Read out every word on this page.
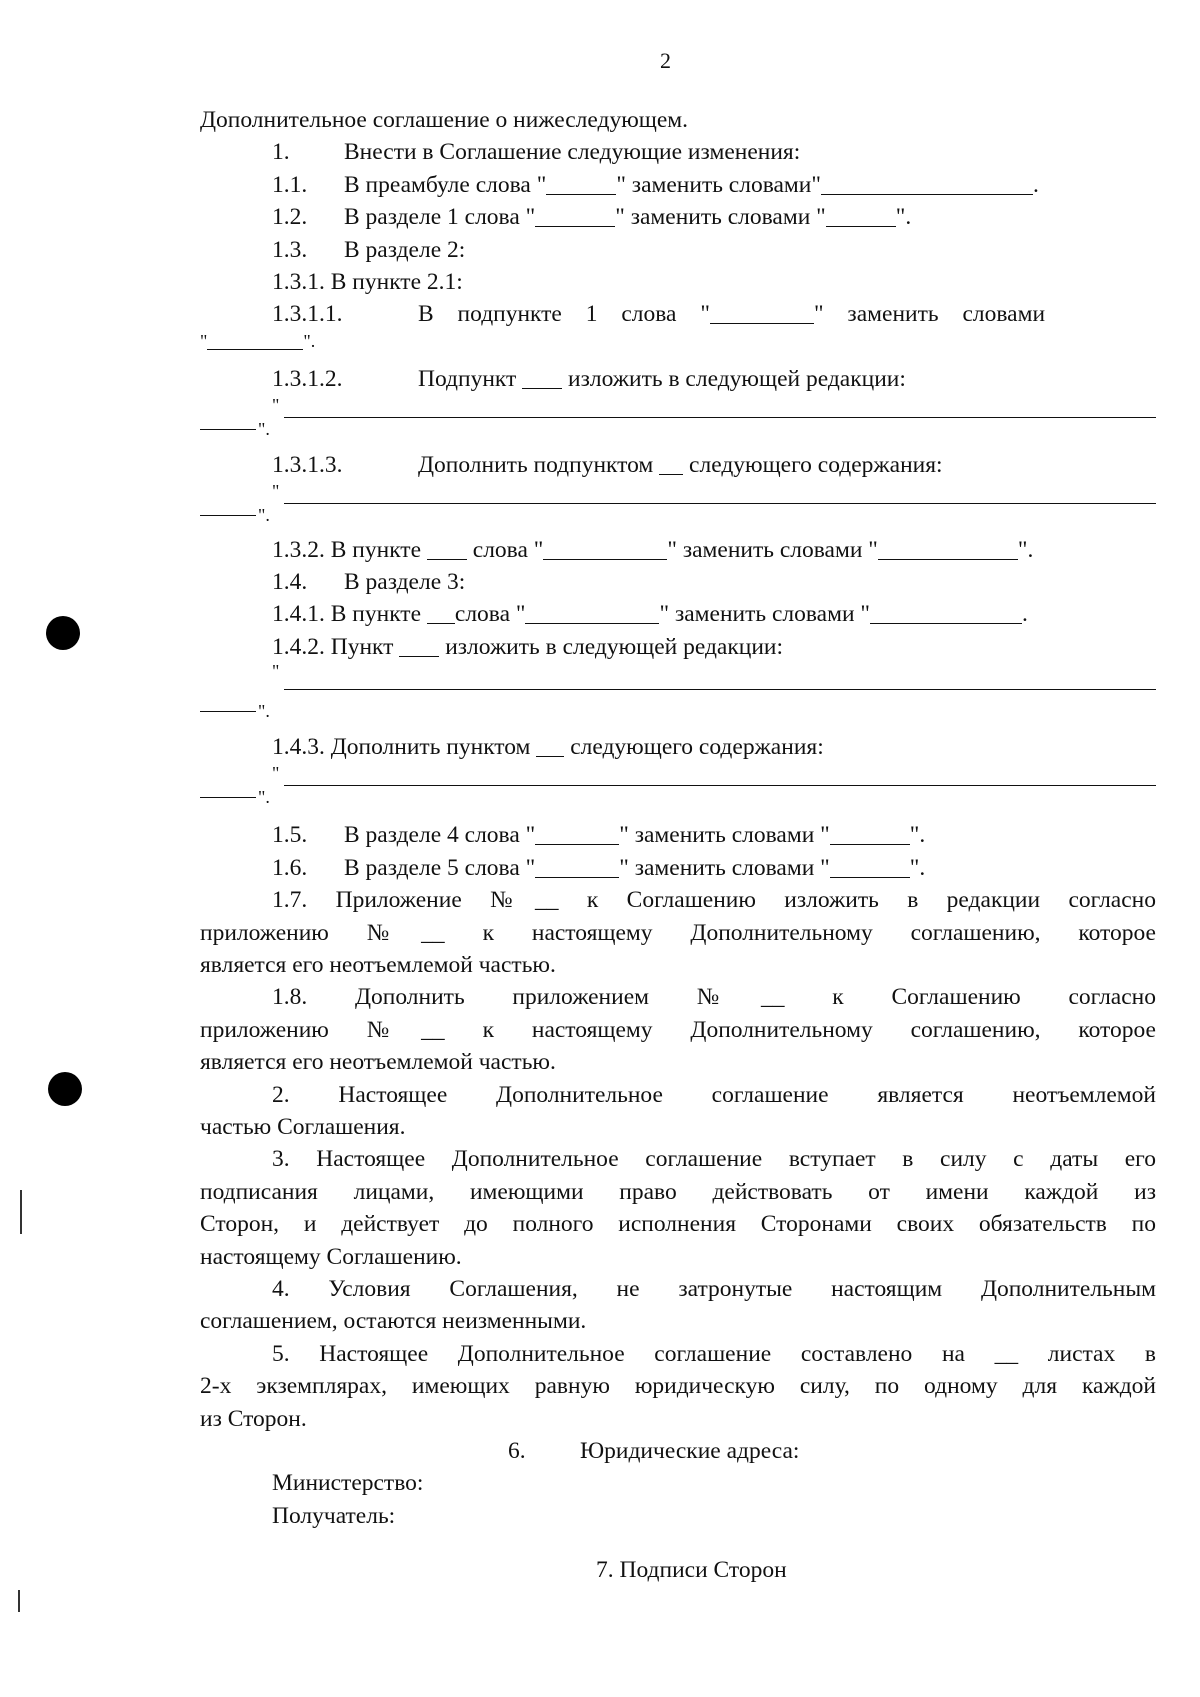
2
Дополнительное соглашение о нижеследующем.
1. Внести в Соглашение следующие изменения:
1.1. В преамбуле слова "	" заменить словами"	.
1.2. В разделе 1 слова "	" заменить словами "	".
1.3. В разделе 2:
1.3.1. В пункте 2.1:
1.3.1.1.	В подпункте 1 слова "	" заменить словами
"	".
1.3.1.2.	Подпункт изложить в следующей редакции:
"
".
1.3.1.3.	Дополнить подпунктом следующего содержания:
"
".
1.3.2. В пункте слова "	" заменить словами "	".
1.4. В разделе 3:
1.4.1. В пункте слова "	" заменить словами "	.
1.4.2. Пункт изложить в следующей редакции:
"
".
1.4.3. Дополнить пунктом следующего содержания:
"
".
1.5. В разделе 4 слова "	" заменить словами "	".
1.6. В разделе 5 слова "	" заменить словами "	".
1.7. Приложение №__ к Соглашению изложить в редакции согласно
приложению №__ к настоящему Дополнительному соглашению, которое
является его неотъемлемой частью.
1.8. Дополнить приложением №__ к Соглашению согласно
приложению №__ к настоящему Дополнительному соглашению, которое
является его неотъемлемой частью.
2. Настоящее Дополнительное соглашение является неотъемлемой
частью Соглашения.
3. Настоящее Дополнительное соглашение вступает в силу с даты его
подписания лицами, имеющими право действовать от имени каждой из
Сторон, и действует до полного исполнения Сторонами своих обязательств по
настоящему Соглашению.
4. Условия Соглашения, не затронутые настоящим Дополнительным
соглашением, остаются неизменными.
5. Настоящее Дополнительное соглашение составлено на __ листах в
2-х экземплярах, имеющих равную юридическую силу, по одному для каждой
из Сторон.
6. Юридические адреса:
Министерство:
Получатель:
7. Подписи Сторон
